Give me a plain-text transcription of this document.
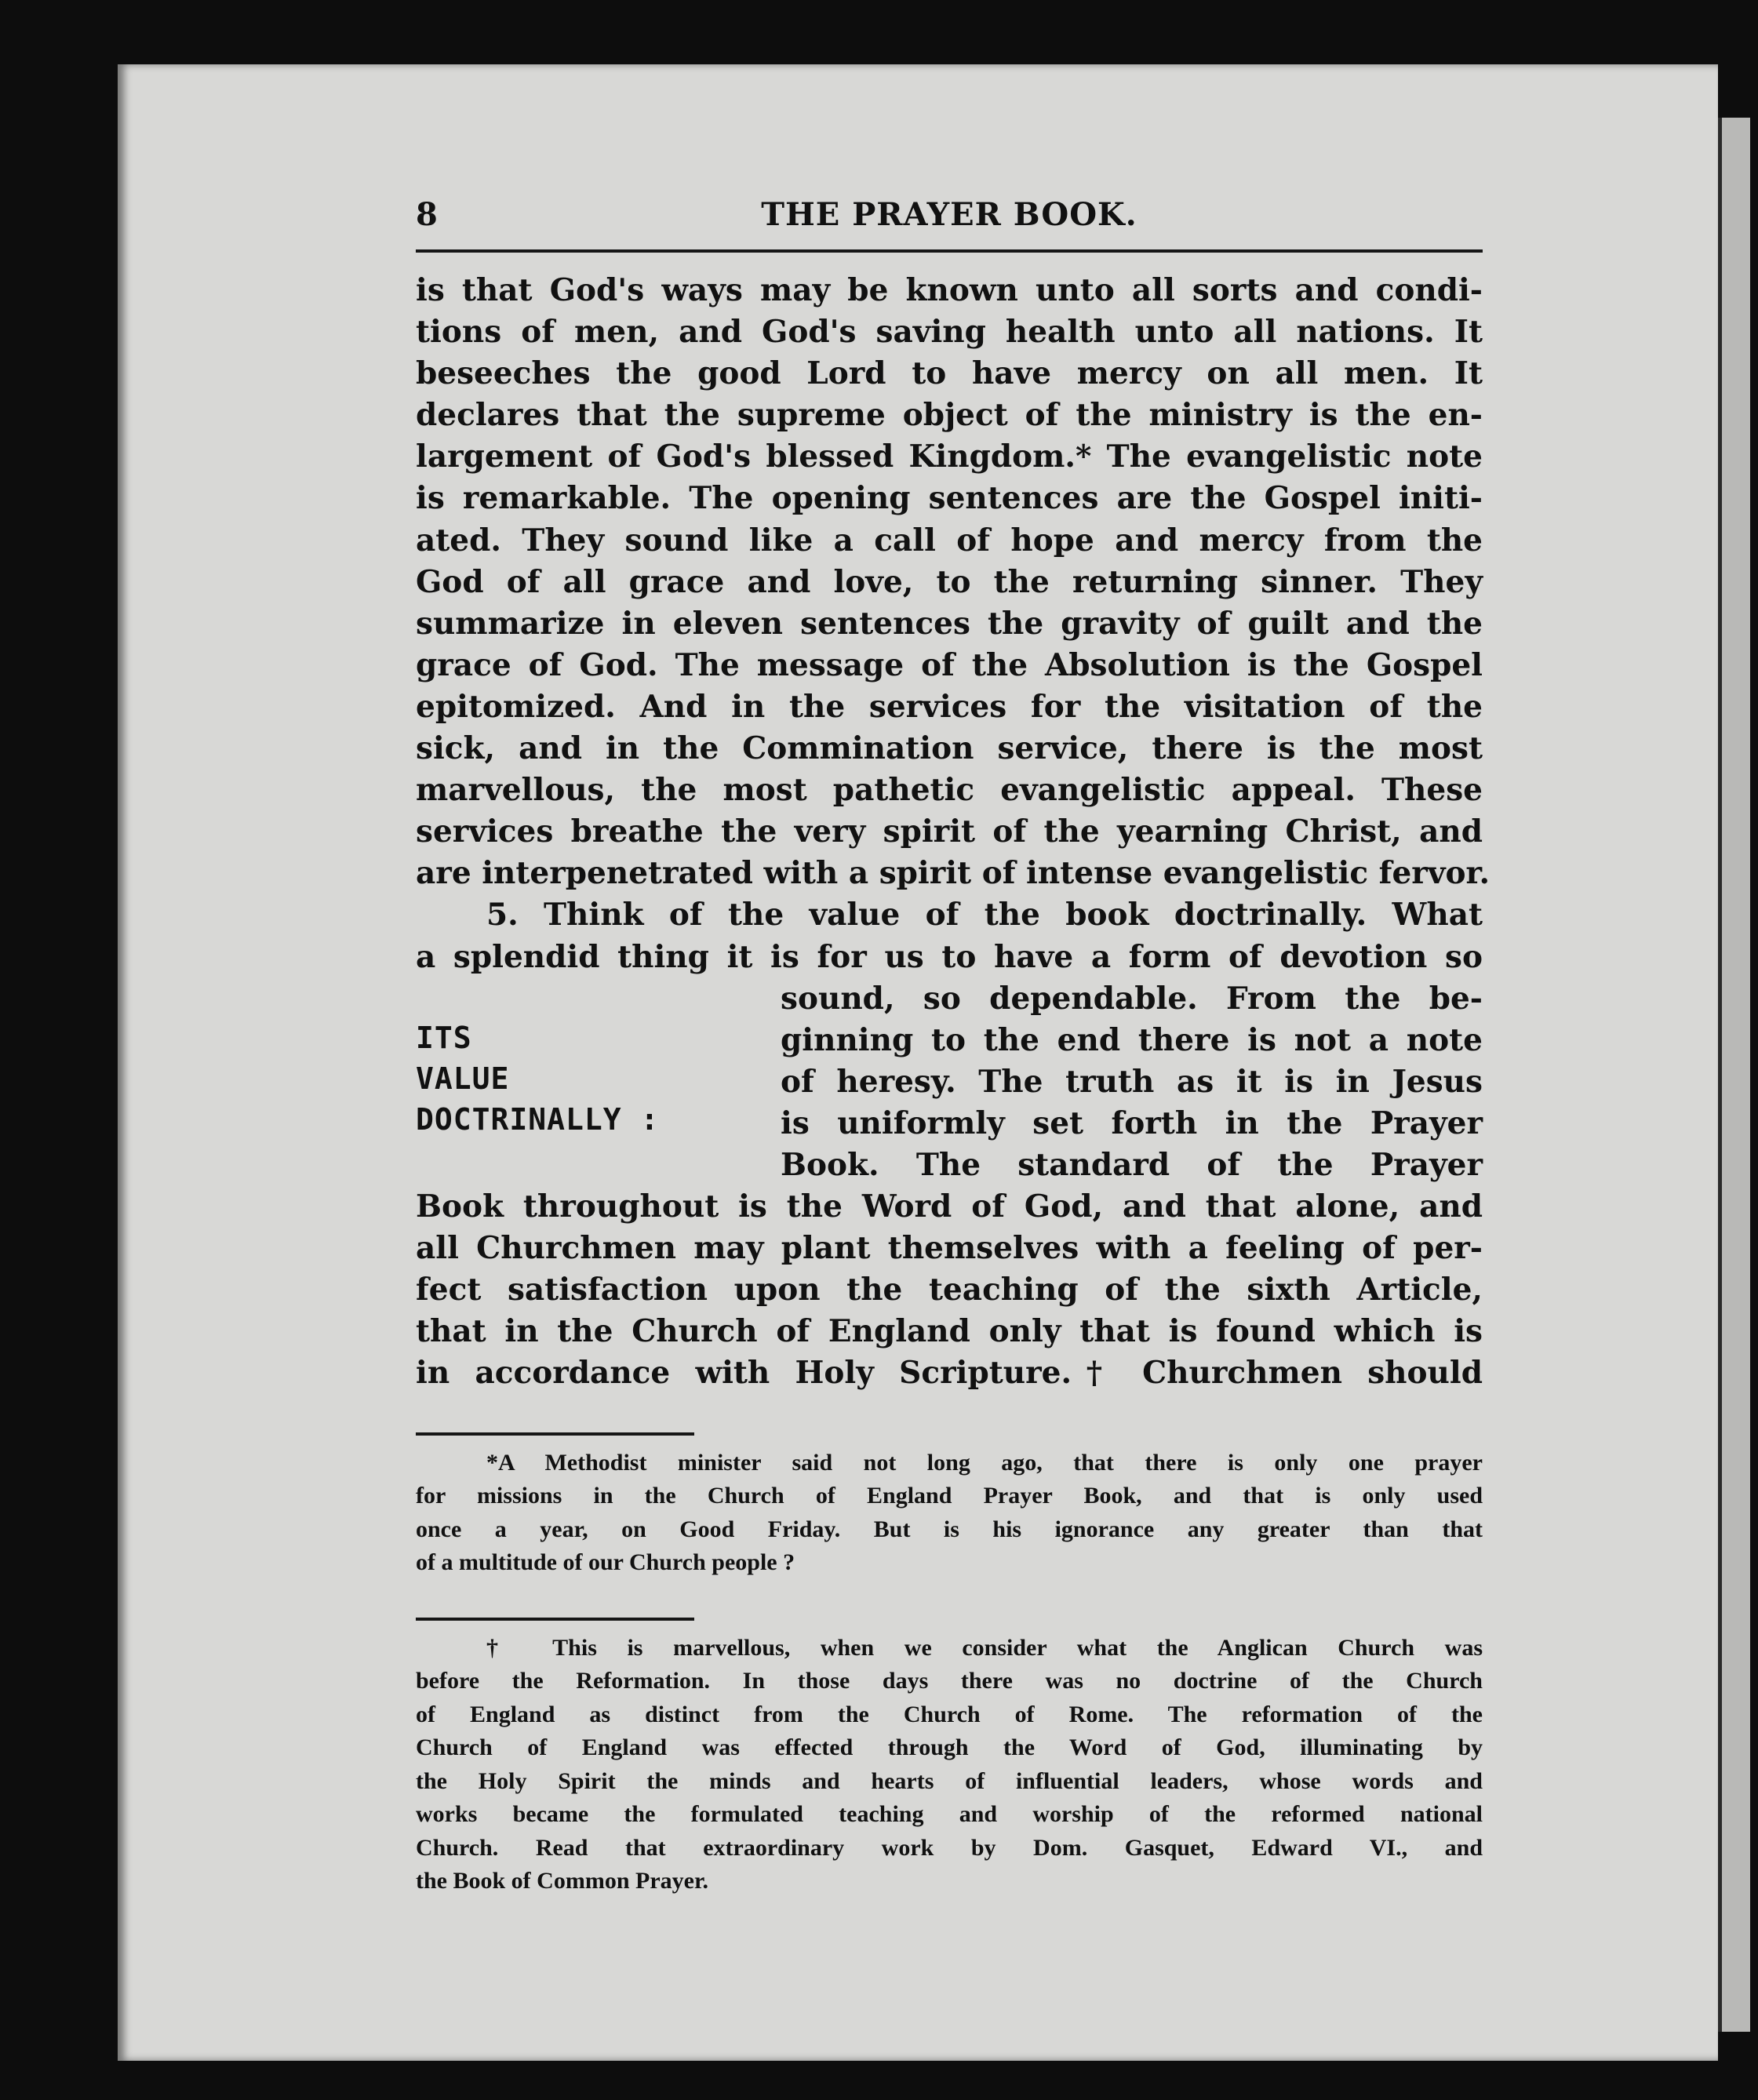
8	THE PRAYER BOOK.
is that God's ways may be known unto all sorts and condi-
tions of men, and God's saving health unto all nations. It
beseeches the good Lord to have mercy on all men. It
declares that the supreme object of the ministry is the en-
largement of God's blessed Kingdom.* The evangelistic note
is remarkable. The opening sentences are the Gospel initi-
ated. They sound like a call of hope and mercy from the
God of all grace and love, to the returning sinner. They
summarize in eleven sentences the gravity of guilt and the
grace of God. The message of the Absolution is the Gospel
epitomized. And in the services for the visitation of the
sick, and in the Commination service, there is the most
marvellous, the most pathetic evangelistic appeal. These
services breathe the very spirit of the yearning Christ, and
are interpenetrated with a spirit of intense evangelistic fervor.
5. Think of the value of the book doctrinally. What
a splendid thing it is for us to have a form of devotion so
ITS
VALUE
DOCTRINALLY :
sound, so dependable. From the be-
ginning to the end there is not a note
of heresy. The truth as it is in Jesus
is uniformly set forth in the Prayer
Book. The standard of the Prayer
Book throughout is the Word of God, and that alone, and
all Churchmen may plant themselves with a feeling of per-
fect satisfaction upon the teaching of the sixth Article,
that in the Church of England only that is found which is
in accordance with Holy Scripture.† Churchmen should
*A Methodist minister said not long ago, that there is only one prayer
for missions in the Church of England Prayer Book, and that is only used
once a year, on Good Friday. But is his ignorance any greater than that
of a multitude of our Church people ?
† This is marvellous, when we consider what the Anglican Church was
before the Reformation. In those days there was no doctrine of the Church
of England as distinct from the Church of Rome. The reformation of the
Church of England was effected through the Word of God, illuminating by
the Holy Spirit the minds and hearts of influential leaders, whose words and
works became the formulated teaching and worship of the reformed national
Church. Read that extraordinary work by Dom. Gasquet, Edward VI., and
the Book of Common Prayer.
